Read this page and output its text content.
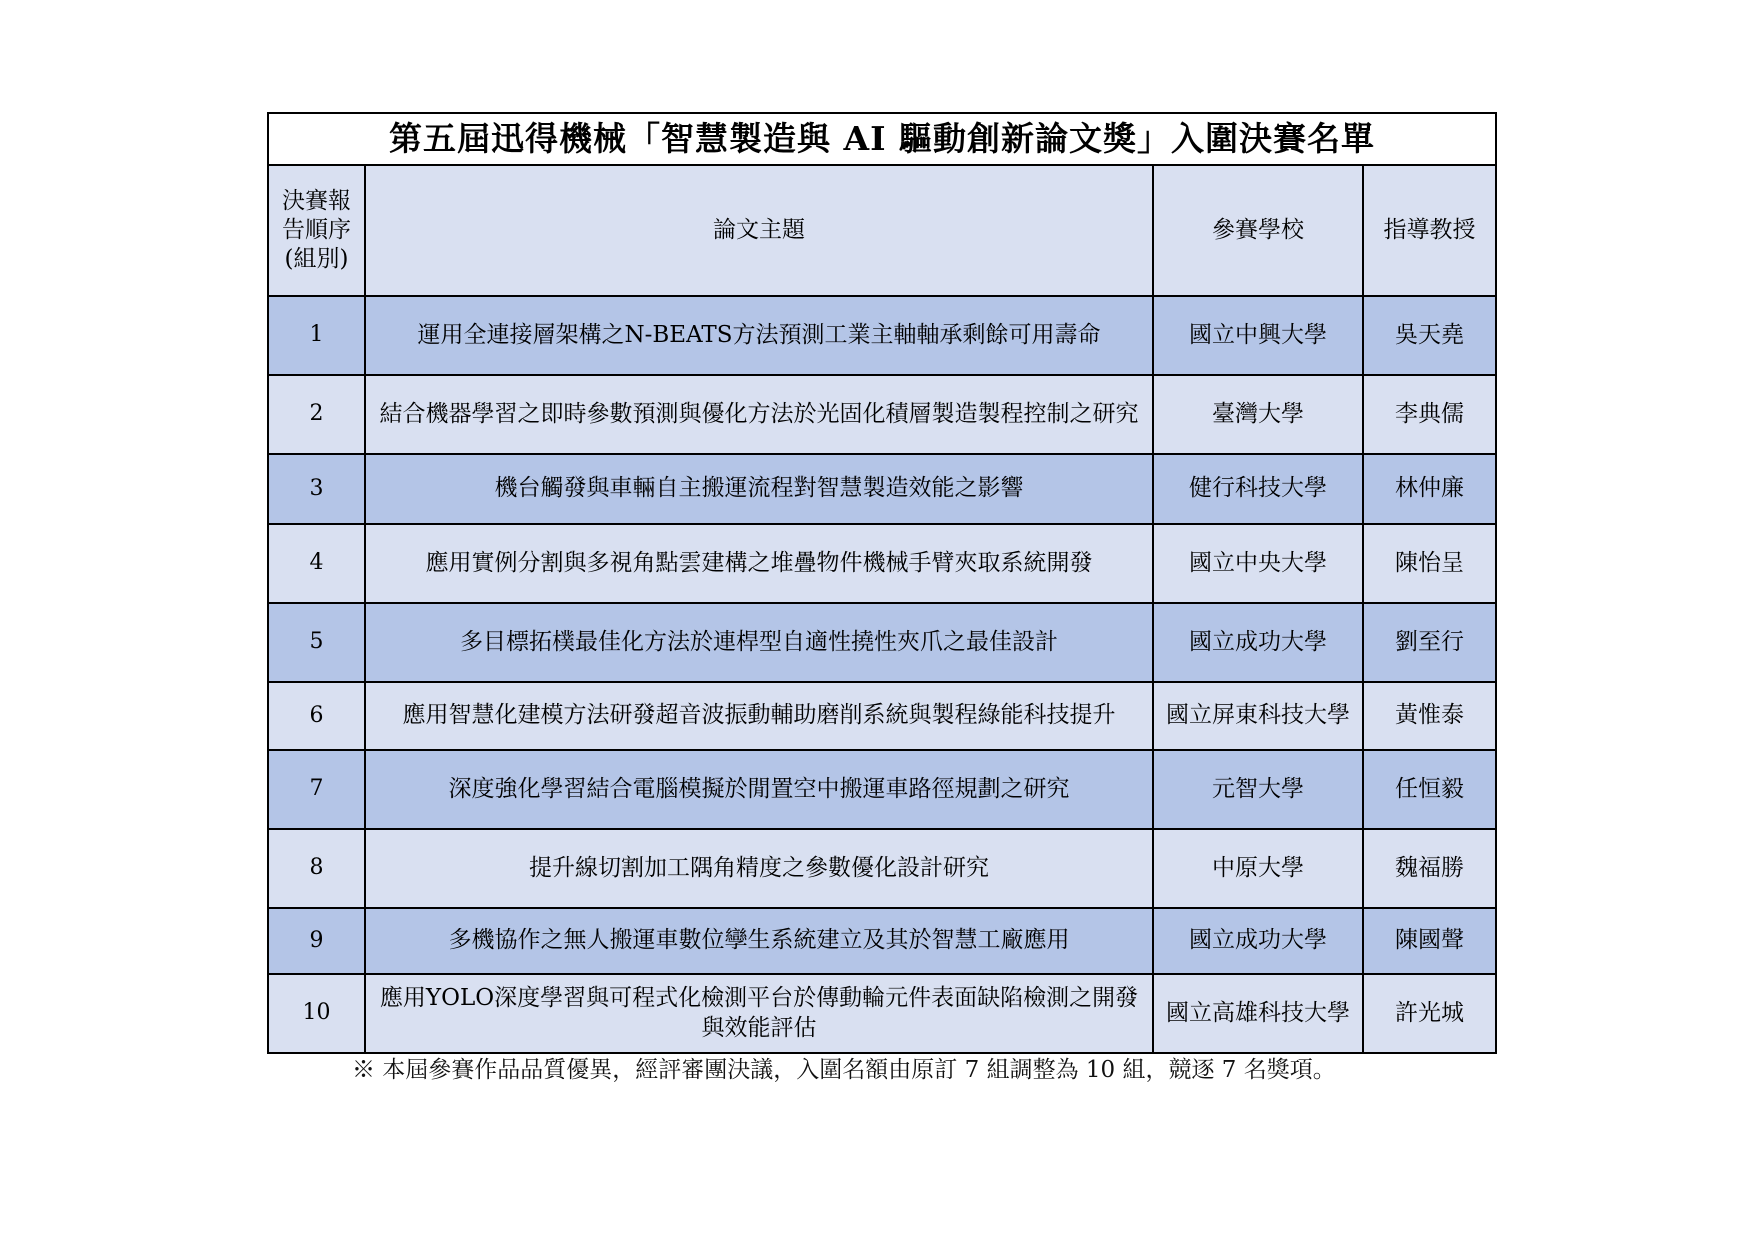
第五屆迅得機械「智慧製造與 AI 驅動創新論文獎」入圍決賽名單			
決賽報告順序(組別)	論文主題	參賽學校	指導教授
1	運用全連接層架構之N-BEATS方法預測工業主軸軸承剩餘可用壽命	國立中興大學	吳天堯
2	結合機器學習之即時參數預測與優化方法於光固化積層製造製程控制之研究	臺灣大學	李典儒
3	機台觸發與車輛自主搬運流程對智慧製造效能之影響	健行科技大學	林仲廉
4	應用實例分割與多視角點雲建構之堆疊物件機械手臂夾取系統開發	國立中央大學	陳怡呈
5	多目標拓樸最佳化方法於連桿型自適性撓性夾爪之最佳設計	國立成功大學	劉至行
6	應用智慧化建模方法研發超音波振動輔助磨削系統與製程綠能科技提升	國立屏東科技大學	黃惟泰
7	深度強化學習結合電腦模擬於閒置空中搬運車路徑規劃之研究	元智大學	任恒毅
8	提升線切割加工隅角精度之參數優化設計研究	中原大學	魏福勝
9	多機協作之無人搬運車數位孿生系統建立及其於智慧工廠應用	國立成功大學	陳國聲
10	應用YOLO深度學習與可程式化檢測平台於傳動輪元件表面缺陷檢測之開發與效能評估	國立高雄科技大學	許光城
※ 本屆參賽作品品質優異，經評審團決議，入圍名額由原訂 7 組調整為 10 組，競逐 7 名獎項。
